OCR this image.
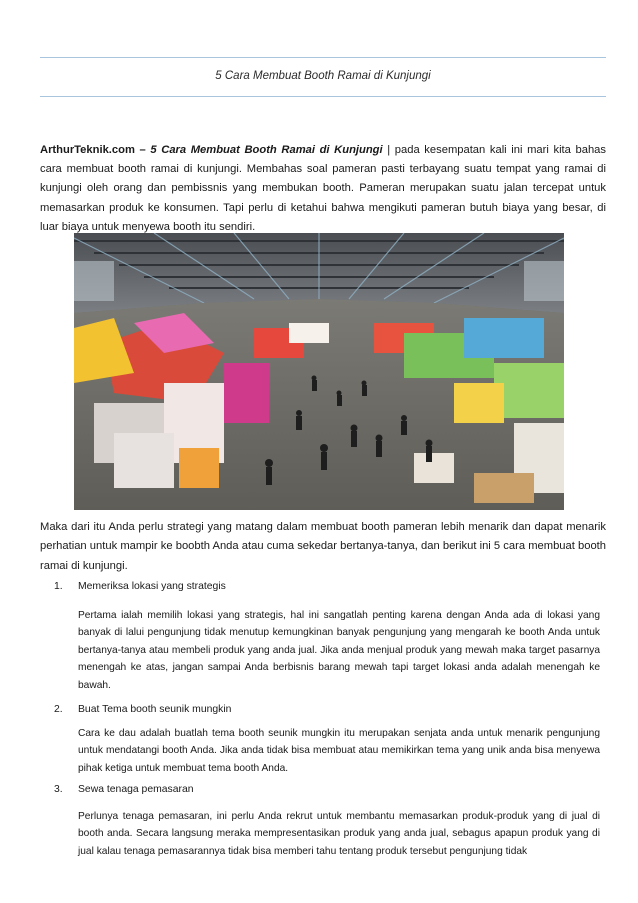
5 Cara Membuat Booth Ramai di Kunjungi

ArthurTeknik.com – 5 Cara Membuat Booth Ramai di Kunjungi | pada kesempatan kali ini mari kita bahas cara membuat booth ramai di kunjungi. Membahas soal pameran pasti terbayang suatu tempat yang ramai di kunjungi oleh orang dan pembissnis yang membukan booth. Pameran merupakan suatu jalan tercepat untuk memasarkan produk ke konsumen. Tapi perlu di ketahui bahwa mengikuti pameran butuh biaya yang besar, di luar biaya untuk menyewa booth itu sendiri.

Maka dari itu Anda perlu strategi yang matang dalam membuat booth pameran lebih menarik dan dapat menarik perhatian untuk mampir ke boobth Anda atau cuma sekedar bertanya-tanya, dan berikut ini 5 cara membuat booth ramai di kunjungi.

1. Memeriksa lokasi yang strategis

Pertama ialah memilih lokasi yang strategis, hal ini sangatlah penting karena dengan Anda ada di lokasi yang banyak di lalui pengunjung tidak menutup kemungkinan banyak pengunjung yang mengarah ke booth Anda untuk bertanya-tanya atau membeli produk yang anda jual. Jika anda menjual produk yang mewah maka target pasarnya menengah ke atas, jangan sampai Anda berbisnis barang mewah tapi target lokasi anda adalah menengah ke bawah.

2. Buat Tema booth seunik mungkin

Cara ke dau adalah buatlah tema booth seunik mungkin itu merupakan senjata anda untuk menarik pengunjung untuk mendatangi booth Anda. Jika anda tidak bisa membuat atau memikirkan tema yang unik anda bisa menyewa pihak ketiga untuk membuat tema booth Anda.

3. Sewa tenaga pemasaran

Perlunya tenaga pemasaran, ini perlu Anda rekrut untuk membantu memasarkan produk-produk yang di jual di booth anda. Secara langsung meraka mempresentasikan produk yang anda jual, sebagus apapun produk yang di jual kalau tenaga pemasarannya tidak bisa memberi tahu tentang produk tersebut pengunjung tidak
